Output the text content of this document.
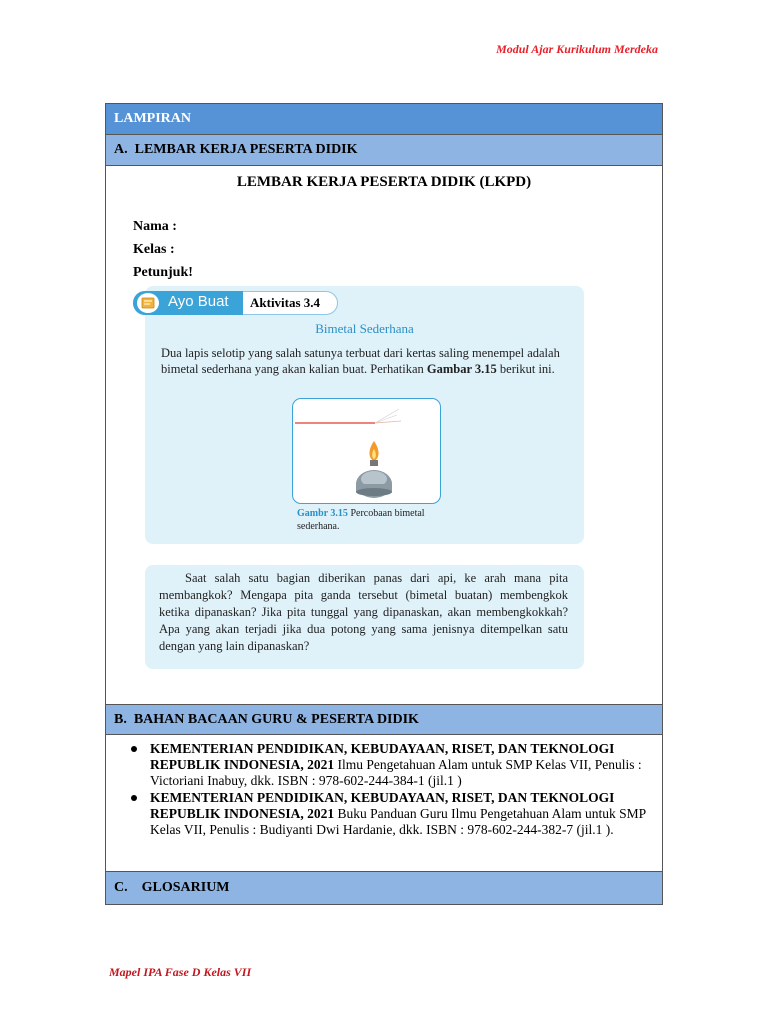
Modul Ajar Kurikulum Merdeka
LAMPIRAN
A. LEMBAR KERJA PESERTA DIDIK
B. BAHAN BACAAN GURU & PESERTA DIDIK
C. GLOSARIUM
LEMBAR KERJA PESERTA DIDIK (LKPD)
Nama :
Kelas :
Petunjuk!
Ayo Buat Aktivitas 3.4
Bimetal Sederhana
Dua lapis selotip yang salah satunya terbuat dari kertas saling menempel adalah bimetal sederhana yang akan kalian buat. Perhatikan Gambar 3.15 berikut ini.
Gambr 3.15 Percobaan bimetal sederhana.
Saat salah satu bagian diberikan panas dari api, ke arah mana pita membangkok? Mengapa pita ganda tersebut (bimetal buatan) membengkok ketika dipanaskan? Jika pita tunggal yang dipanaskan, akan membengkokkah? Apa yang akan terjadi jika dua potong yang sama jenisnya ditempelkan satu dengan yang lain dipanaskan?
KEMENTERIAN PENDIDIKAN, KEBUDAYAAN, RISET, DAN TEKNOLOGI REPUBLIK INDONESIA, 2021 Ilmu Pengetahuan Alam untuk SMP Kelas VII, Penulis : Victoriani Inabuy, dkk. ISBN : 978-602-244-384-1 (jil.1 )
KEMENTERIAN PENDIDIKAN, KEBUDAYAAN, RISET, DAN TEKNOLOGI REPUBLIK INDONESIA, 2021 Buku Panduan Guru Ilmu Pengetahuan Alam untuk SMP Kelas VII, Penulis : Budiyanti Dwi Hardanie, dkk. ISBN : 978-602-244-382-7 (jil.1 ).
Mapel IPA Fase D Kelas VII
